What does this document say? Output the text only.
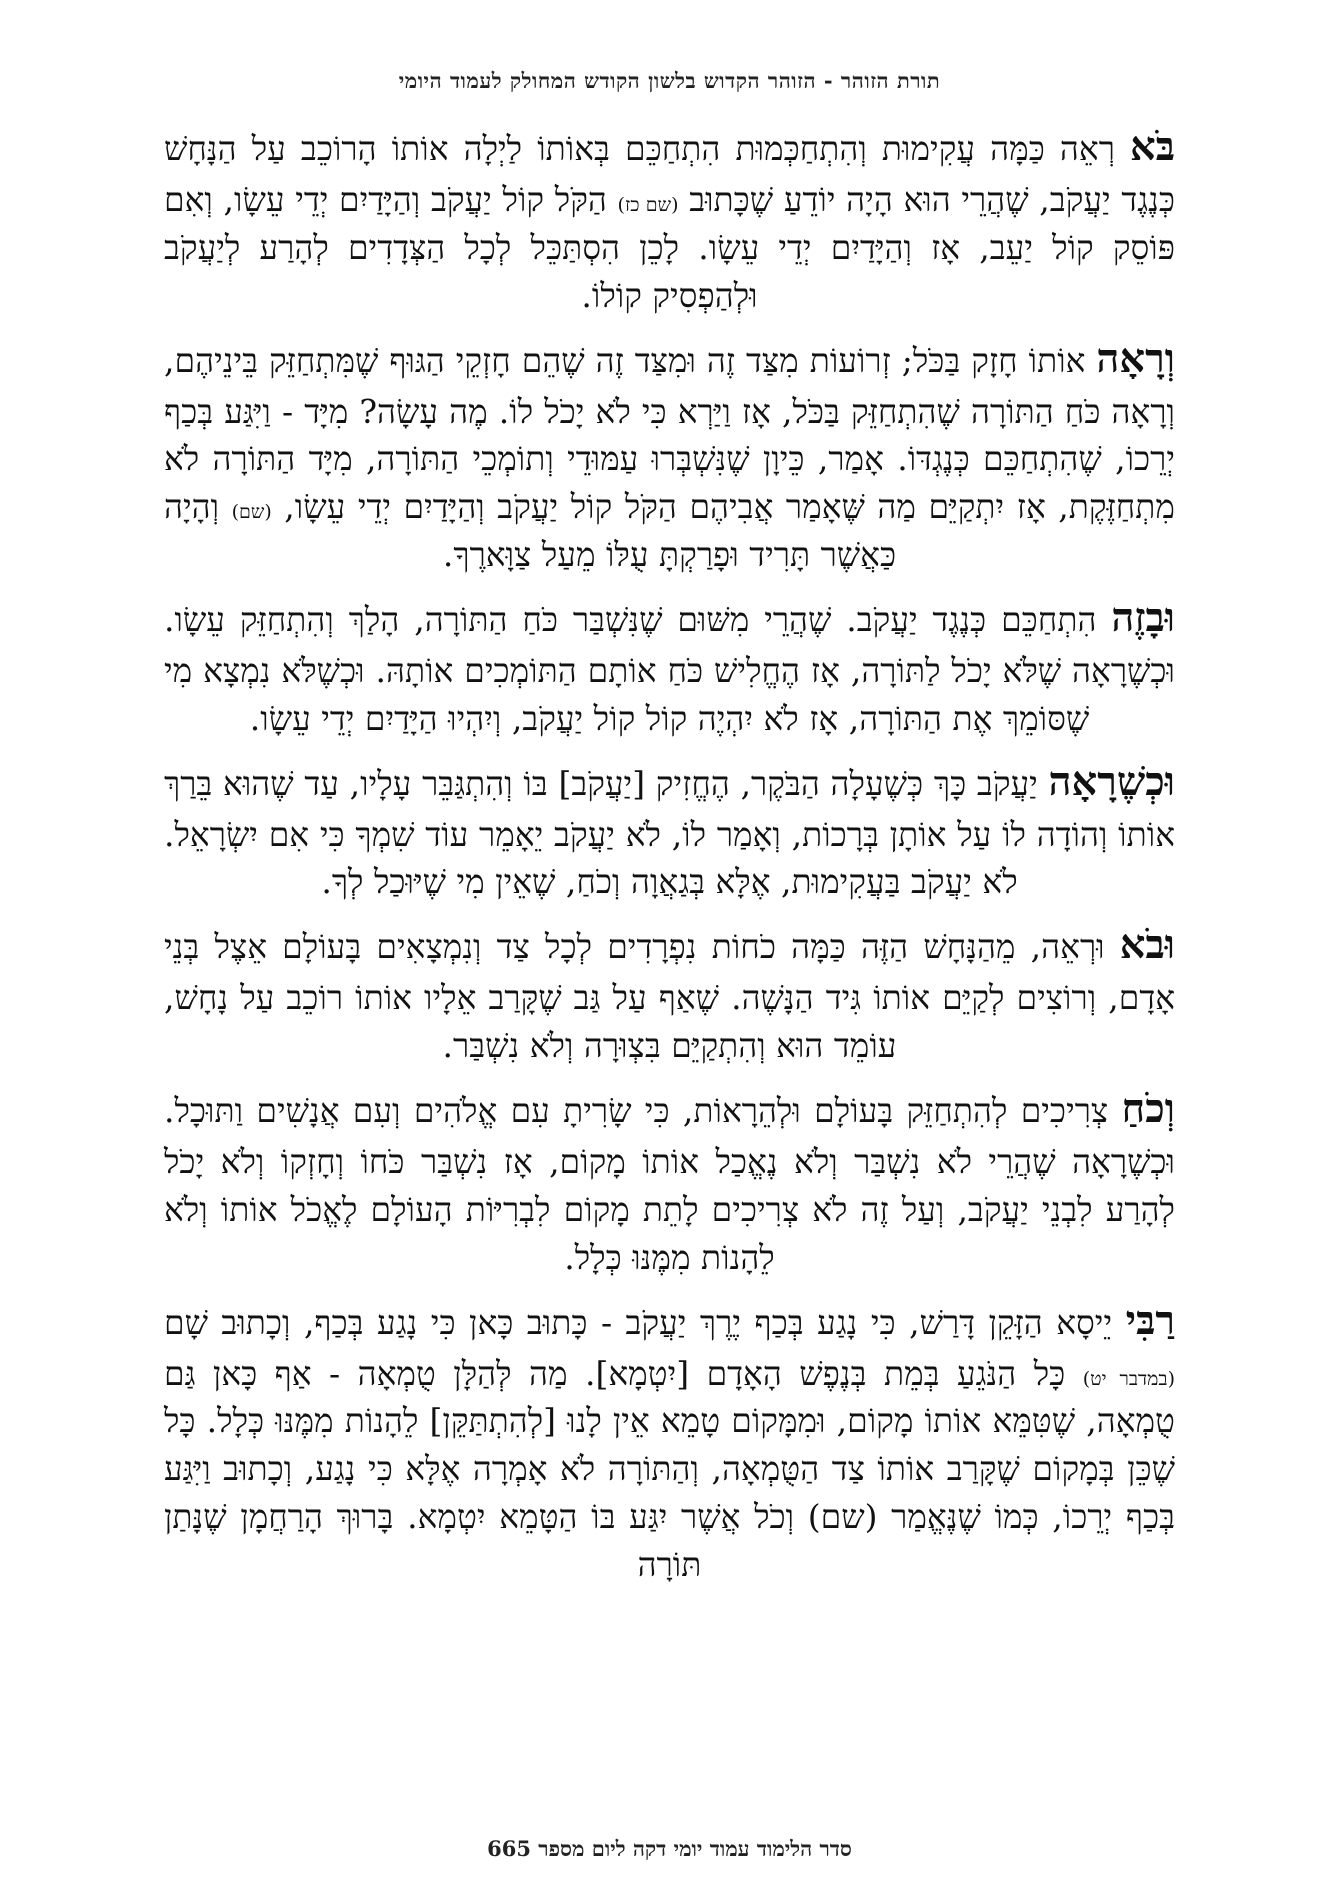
תורת הזוהר - הזוהר הקדוש בלשון הקודש המחולק לעמוד היומי

בֹּא רְאֵה כַּמָּה עֲקִימוּת וְהִתְחַכְּמוּת הִתְחַכֵּם בְּאוֹתוֹ לַיְלָה אוֹתוֹ הָרוֹכֵב עַל הַנָּחָשׁ כְּנֶגֶד יַעֲקֹב, שֶׁהֲרֵי הוּא הָיָה יוֹדֵעַ שֶׁכָּתוּב (שם כז) הַקֹּל קוֹל יַעֲקֹב וְהַיָּדַיִם יְדֵי עֵשָׂו, וְאִם פּוֹסֵק קוֹל יַעֵב, אָז וְהַיָּדַיִם יְדֵי עֵשָׂו. לָכֵן הִסְתַּכֵּל לְכָל הַצְּדָדִים לְהָרַע לְיַעֲקֹב וּלְהַפְסִיק קוֹלוֹ.

וְרָאָה אוֹתוֹ חָזָק בַּכֹּל; זְרוֹעוֹת מִצַּד זֶה וּמִצַּד זֶה שֶׁהֵם חָזְקֵי הַגּוּף שֶׁמִּתְחַזֵּק בֵּינֵיהֶם, וְרָאָה כֹּחַ הַתּוֹרָה שֶׁהִתְחַזֵּק בַּכֹּל, אָז וַיַּרְא כִּי לֹא יָכֹל לוֹ. מֶה עָשָׂה? מִיָּד - וַיִּגַּע בְּכַף יְרֵכוֹ, שֶׁהִתְחַכֵּם כְּנֶגְדּוֹ. אָמַר, כֵּיוָן שֶׁנִּשְׁבְּרוּ עַמּוּדֵי וְתוֹמְכֵי הַתּוֹרָה, מִיָּד הַתּוֹרָה לֹא מִתְחַזֶּקֶת, אָז יִתְקַיֵּם מַה שֶּׁאָמַר אֲבִיהֶם הַקֹּל קוֹל יַעֲקֹב וְהַיָּדַיִם יְדֵי עֵשָׂו, (שם) וְהָיָה כַּאֲשֶׁר תָּרִיד וּפָרַקְתָּ עֻלּוֹ מֵעַל צַוָּארֶךָ.

וּבָזֶה הִתְחַכֵּם כְּנֶגֶד יַעֲקֹב. שֶׁהֲרֵי מִשּׁוּם שֶׁנִּשְׁבַּר כֹּחַ הַתּוֹרָה, הָלַךְ וְהִתְחַזֵּק עֵשָׂו. וּכְשֶׁרָאָה שֶׁלֹּא יָכֹל לַתּוֹרָה, אָז הֶחֱלִישׁ כֹּחַ אוֹתָם הַתּוֹמְכִים אוֹתָהּ. וּכְשֶׁלֹּא נִמְצָא מִי שֶׁסּוֹמֵךְ אֶת הַתּוֹרָה, אָז לֹא יִהְיֶה קוֹל קוֹל יַעֲקֹב, וְיִהְיוּ הַיָּדַיִם יְדֵי עֵשָׂו.

וּכְשֶׁרָאָה יַעֲקֹב כָּךְ כְּשֶׁעָלָה הַבֹּקֶר, הֶחֱזִיק [יַעֲקֹב] בּוֹ וְהִתְגַּבֵּר עָלָיו, עַד שֶׁהוּא בֵּרַךְ אוֹתוֹ וְהוֹדָה לוֹ עַל אוֹתָן בְּרָכוֹת, וְאָמַר לוֹ, לֹא יַעֲקֹב יֵאָמֵר עוֹד שִׁמְךָ כִּי אִם יִשְׂרָאֵל. לֹא יַעֲקֹב בַּעֲקִימוּת, אֶלָּא בְּגַאֲוָה וְכֹחַ, שֶׁאֵין מִי שֶׁיּוּכַל לְךָ.

וּבֹא וּרְאֵה, מֵהַנָּחָשׁ הַזֶּה כַּמָּה כֹחוֹת נִפְרָדִים לְכָל צַד וְנִמְצָאִים בָּעוֹלָם אֵצֶל בְּנֵי אָדָם, וְרוֹצִים לְקַיֵּם אוֹתוֹ גִּיד הַנָּשֶׁה. שֶׁאַף עַל גַּב שֶׁקָּרַב אֵלָיו אוֹתוֹ רוֹכֵב עַל נָחָשׁ, עוֹמֵד הוּא וְהִתְקַיֵּם בִּצְוּרָה וְלֹא נִשְׁבַּר.

וְכֹחַ צְרִיכִים לְהִתְחַזֵּק בָּעוֹלָם וּלְהֵרָאוֹת, כִּי שָׂרִיתָ עִם אֱלֹהִים וְעִם אֲנָשִׁים וַתּוּכָל. וּכְשֶׁרָאָה שֶׁהֲרֵי לֹא נִשְׁבַּר וְלֹא נֶאֱכַל אוֹתוֹ מָקוֹם, אָז נִשְׁבַּר כֹּחוֹ וְחָזְקוֹ וְלֹא יָכֹל לְהָרַע לִבְנֵי יַעֲקֹב, וְעַל זֶה לֹא צְרִיכִים לָתֵת מָקוֹם לִבְרִיּוֹת הָעוֹלָם לֶאֱכֹל אוֹתוֹ וְלֹא לֵהָנוֹת מִמֶּנּוּ כְּלָל.

רַבִּי יֵיסָא הַזָּקֵן דָּרַשׁ, כִּי נָגַע בְּכַף יֶרֶךְ יַעֲקֹב - כָּתוּב כָּאן כִּי נָגַע בְּכַף, וְכָתוּב שָׁם (במדבר יט) כָּל הַנֹּגֵעַ בְּמֵת בְּנֶפֶשׁ הָאָדָם [יִטְמָא]. מַה לְּהַלָּן טֻמְאָה - אַף כָּאן גַּם טֻמְאָה, שֶׁטִּמֵּא אוֹתוֹ מָקוֹם, וּמִמָּקוֹם טָמֵא אֵין לָנוּ [לְהִתְתַּקֵּן] לֵהָנוֹת מִמֶּנּוּ כְּלָל. כָּל שֶׁכֵּן בְּמָקוֹם שֶׁקָּרַב אוֹתוֹ צַד הַטֻּמְאָה, וְהַתּוֹרָה לֹא אָמְרָה אֶלָּא כִּי נָגַע, וְכָתוּב וַיִּגַּע בְּכַף יְרֵכוֹ, כְּמוֹ שֶׁנֶּאֱמַר (שם) וְכֹל אֲשֶׁר יִגַּע בּוֹ הַטָּמֵא יִטְמָא. בָּרוּךְ הָרַחֲמָן שֶׁנָּתַן תּוֹרָה

סדר הלימוד עמוד יומי דקה ליום מספר 665
